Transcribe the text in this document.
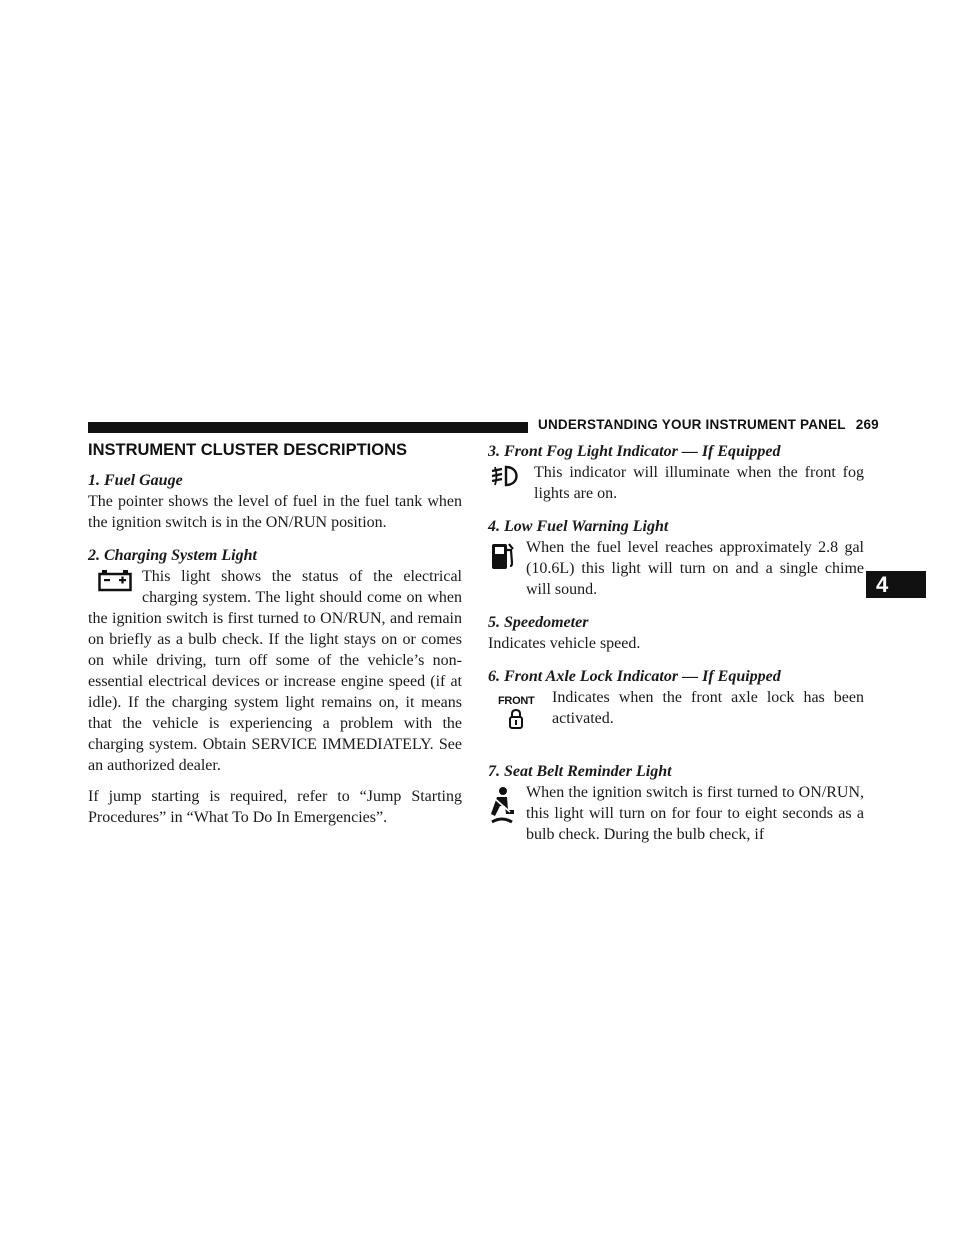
UNDERSTANDING YOUR INSTRUMENT PANEL 269
INSTRUMENT CLUSTER DESCRIPTIONS
1. Fuel Gauge

The pointer shows the level of fuel in the fuel tank when the ignition switch is in the ON/RUN position.

2. Charging System Light

This light shows the status of the electrical charging system. The light should come on when the ignition switch is first turned to ON/RUN, and remain on briefly as a bulb check. If the light stays on or comes on while driving, turn off some of the vehicle’s non-essential electrical devices or increase engine speed (if at idle). If the charging system light remains on, it means that the vehicle is experiencing a problem with the charging system. Obtain SERVICE IMMEDIATELY. See an authorized dealer.

If jump starting is required, refer to “Jump Starting Procedures” in “What To Do In Emergencies”.

3. Front Fog Light Indicator — If Equipped

This indicator will illuminate when the front fog lights are on.

4. Low Fuel Warning Light

When the fuel level reaches approximately 2.8 gal (10.6L) this light will turn on and a single chime will sound.

5. Speedometer

Indicates vehicle speed.

6. Front Axle Lock Indicator — If Equipped
FRONT	Indicates when the front axle lock has been activated.

7. Seat Belt Reminder Light

When the ignition switch is first turned to ON/RUN, this light will turn on for four to eight seconds as a bulb check. During the bulb check, if

4
